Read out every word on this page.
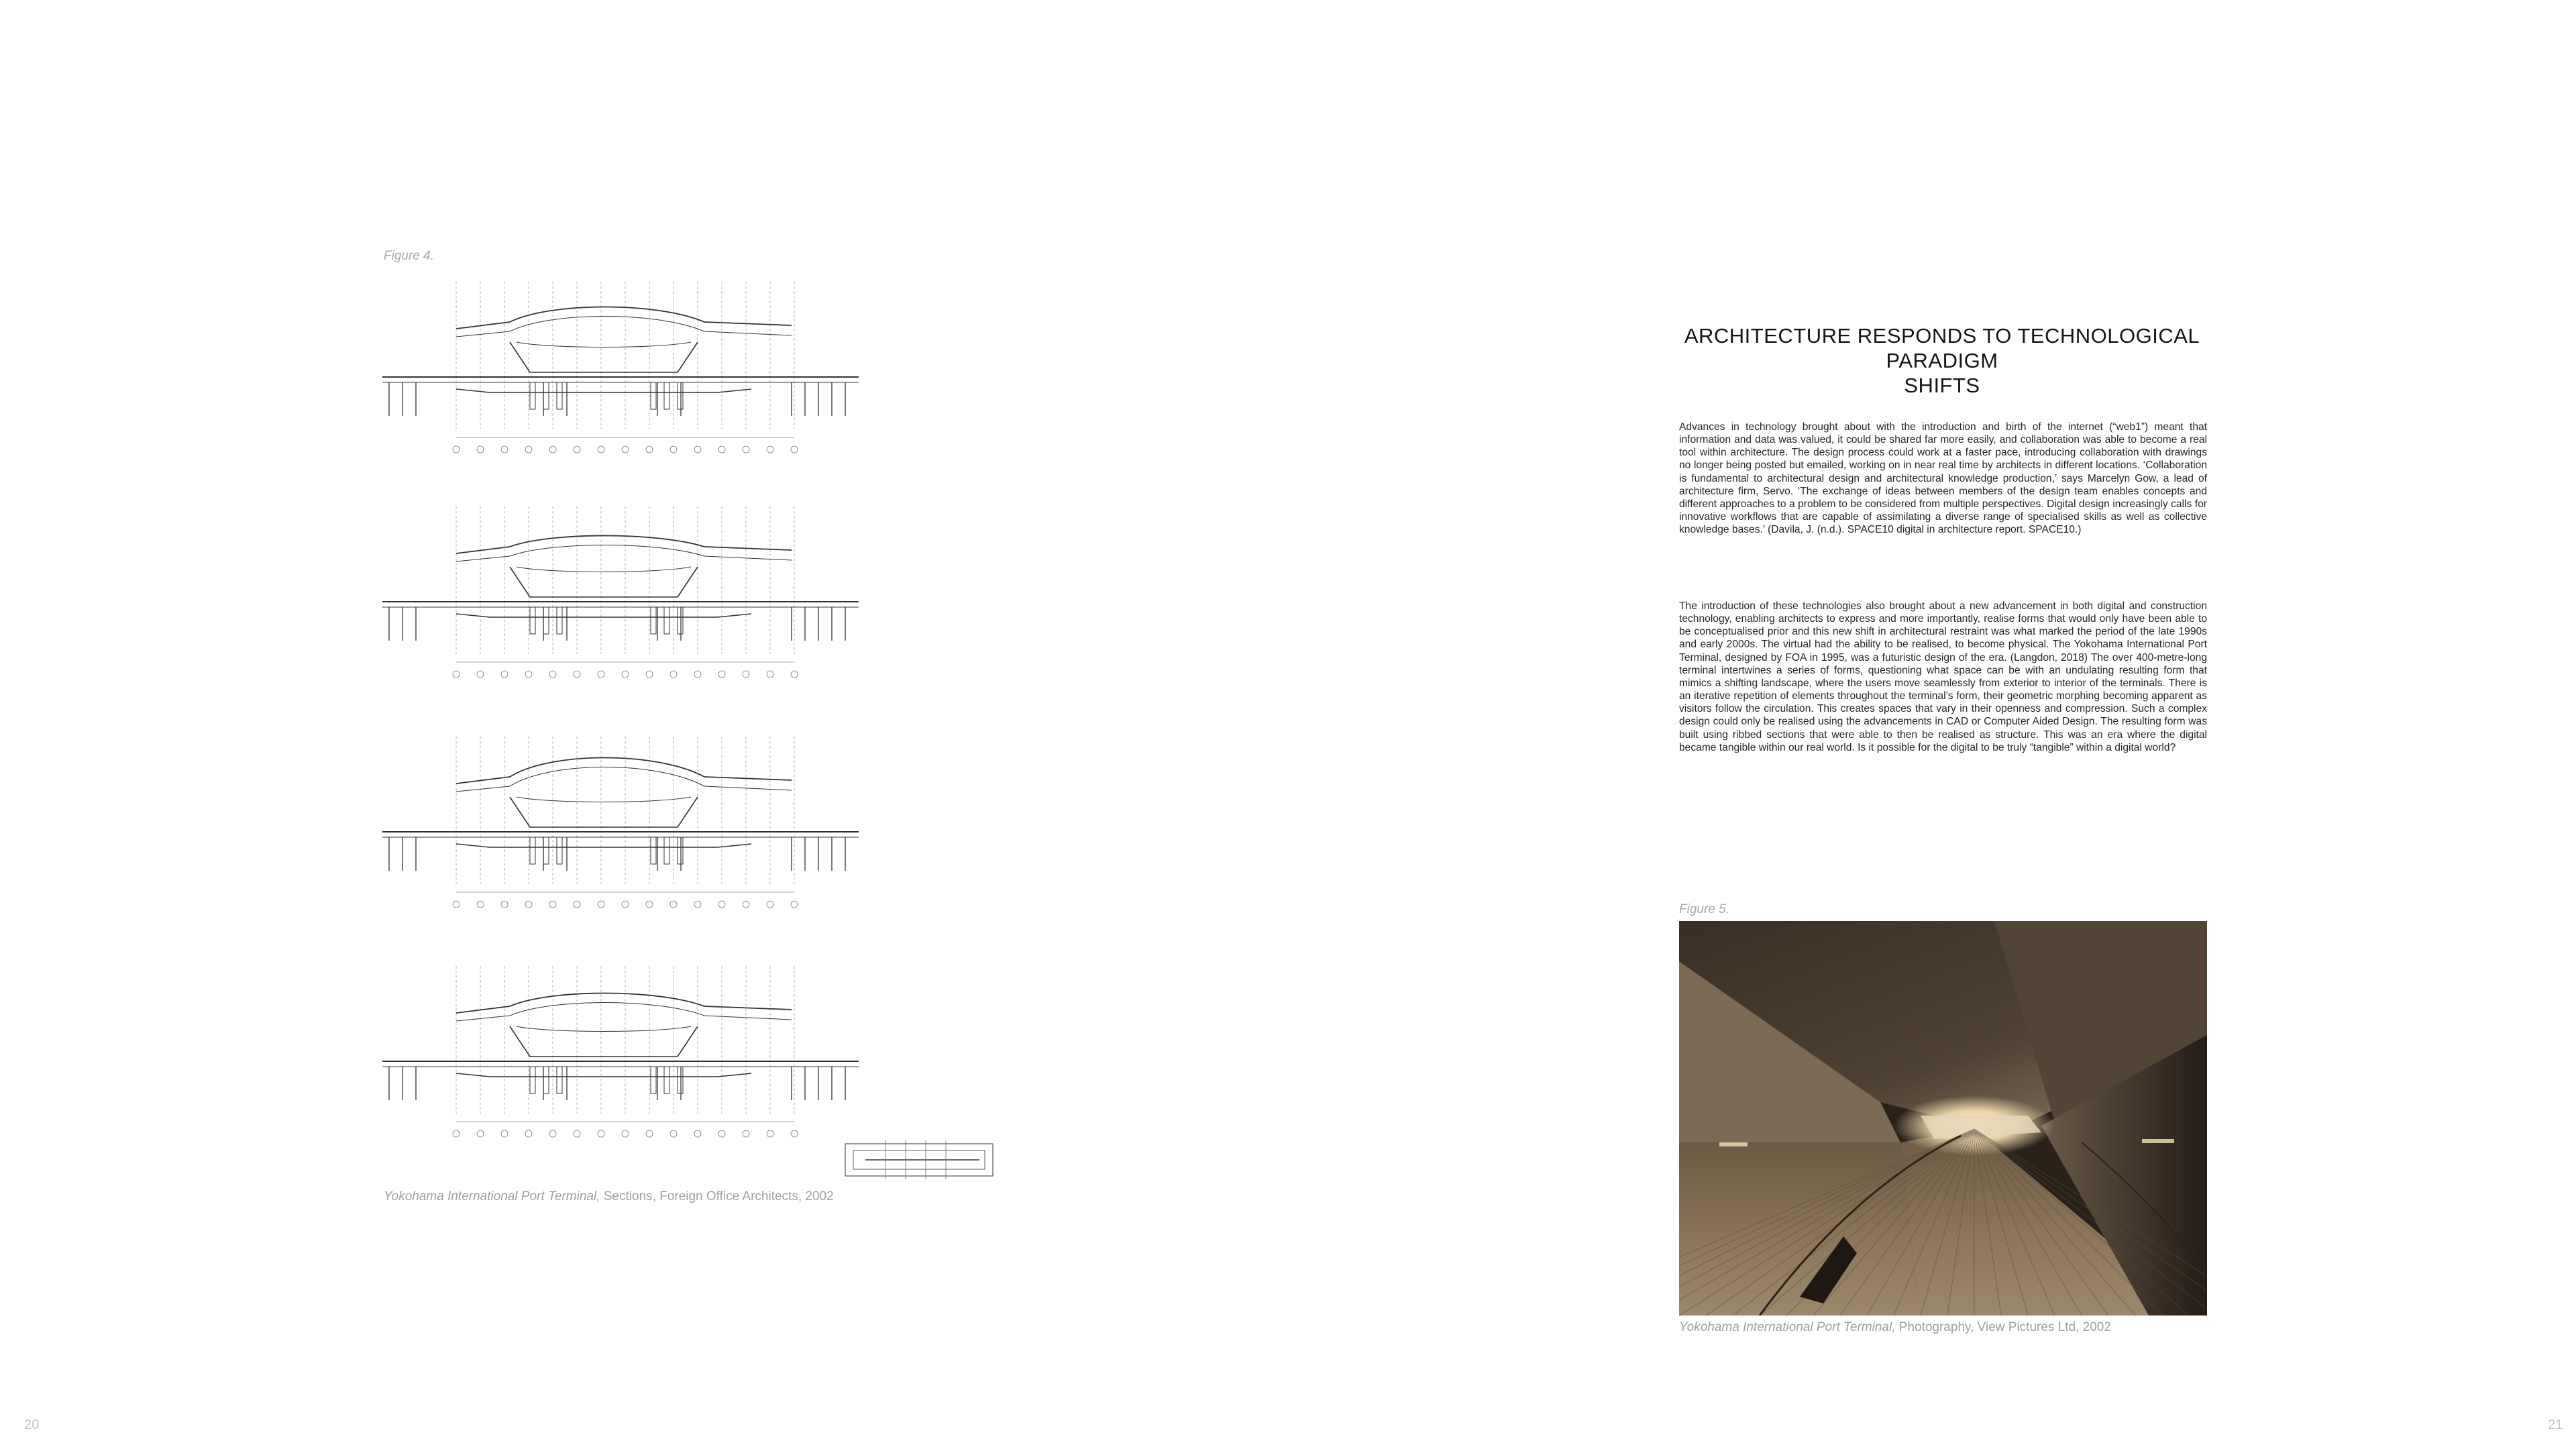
Figure 4.
Yokohama International Port Terminal, Sections, Foreign Office Architects, 2002
20
ARCHITECTURE RESPONDS TO TECHNOLOGICAL PARADIGM
SHIFTS

Advances in technology brought about with the introduction and birth of the internet (“web1”) meant that information and data was valued, it could be shared far more easily, and collaboration was able to become a real tool within architecture. The design process could work at a faster pace, introducing collaboration with drawings no longer being posted but emailed, working on in near real time by architects in different locations. ‘Collaboration is fundamental to architectural design and architectural knowledge production,’ says Marcelyn Gow, a lead of architecture firm, Servo. ‘The exchange of ideas between members of the design team enables concepts and different approaches to a problem to be considered from multiple perspectives. Digital design increasingly calls for innovative workflows that are capable of assimilating a diverse range of specialised skills as well as collective knowledge bases.’ (Davila, J. (n.d.). SPACE10 digital in architecture report. SPACE10.)

The introduction of these technologies also brought about a new advancement in both digital and construction technology, enabling architects to express and more importantly, realise forms that would only have been able to be conceptualised prior and this new shift in architectural restraint was what marked the period of the late 1990s and early 2000s. The virtual had the ability to be realised, to become physical. The Yokohama International Port Terminal, designed by FOA in 1995, was a futuristic design of the era. (Langdon, 2018) The over 400-metre-long terminal intertwines a series of forms, questioning what space can be with an undulating resulting form that mimics a shifting landscape, where the users move seamlessly from exterior to interior of the terminals. There is an iterative repetition of elements throughout the terminal’s form, their geometric morphing becoming apparent as visitors follow the circulation. This creates spaces that vary in their openness and compression. Such a complex design could only be realised using the advancements in CAD or Computer Aided Design. The resulting form was built using ribbed sections that were able to then be realised as structure. This was an era where the digital became tangible within our real world. Is it possible for the digital to be truly “tangible” within a digital world?

Figure 5.
Yokohama International Port Terminal, Photography, View Pictures Ltd, 2002
21
